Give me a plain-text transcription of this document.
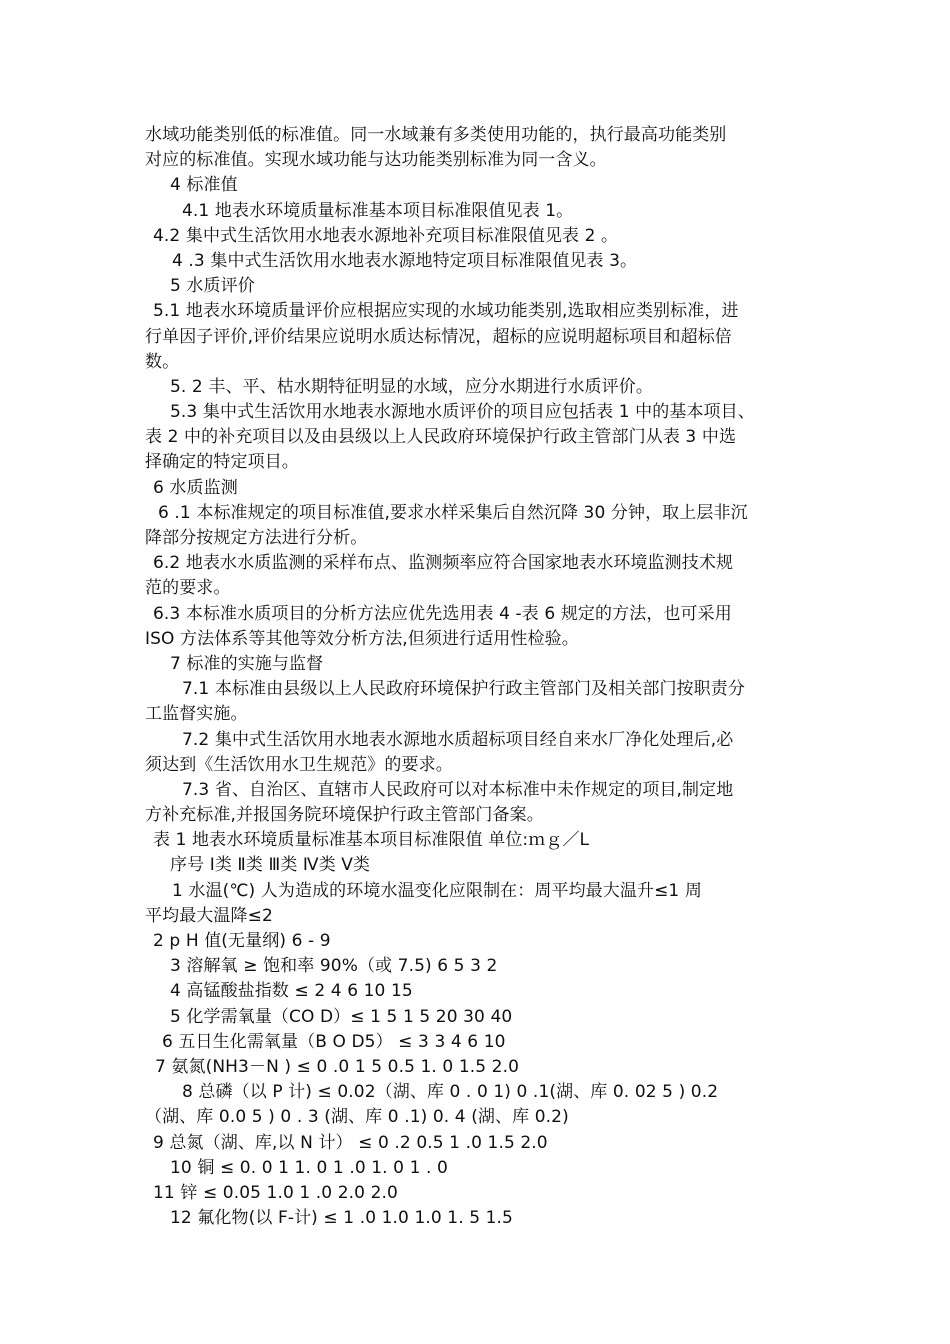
水域功能类别低的标准值。同一水域兼有多类使用功能的，执行最高功能类别
对应的标准值。实现水域功能与达功能类别标准为同一含义。
4 标准值
4.1 地表水环境质量标准基本项目标准限值见表 1。
4.2 集中式生活饮用水地表水源地补充项目标准限值见表 2 。
4 .3 集中式生活饮用水地表水源地特定项目标准限值见表 3。
5 水质评价
5.1 地表水环境质量评价应根据应实现的水域功能类别,选取相应类别标准，进
行单因子评价,评价结果应说明水质达标情况，超标的应说明超标项目和超标倍
数。
5. 2 丰、平、枯水期特征明显的水域，应分水期进行水质评价。
5.3 集中式生活饮用水地表水源地水质评价的项目应包括表 1 中的基本项目、
表 2 中的补充项目以及由县级以上人民政府环境保护行政主管部门从表 3 中选
择确定的特定项目。
6 水质监测
6 .1 本标准规定的项目标准值,要求水样采集后自然沉降 30 分钟，取上层非沉
降部分按规定方法进行分析。
6.2 地表水水质监测的采样布点、监测频率应符合国家地表水环境监测技术规
范的要求。
6.3 本标准水质项目的分析方法应优先选用表 4 -表 6 规定的方法，也可采用
ISO 方法体系等其他等效分析方法,但须进行适用性检验。
7 标准的实施与监督
7.1 本标准由县级以上人民政府环境保护行政主管部门及相关部门按职责分
工监督实施。
7.2 集中式生活饮用水地表水源地水质超标项目经自来水厂净化处理后,必
须达到《生活饮用水卫生规范》的要求。
7.3 省、自治区、直辖市人民政府可以对本标准中未作规定的项目,制定地
方补充标准,并报国务院环境保护行政主管部门备案。
表 1 地表水环境质量标准基本项目标准限值 单位:ｍｇ／L
序号 Ⅰ类 Ⅱ类 Ⅲ类 Ⅳ类 Ⅴ类
1 水温(℃) 人为造成的环境水温变化应限制在：周平均最大温升≤1 周
平均最大温降≤2
2 p H 值(无量纲) 6 - 9
3 溶解氧 ≥ 饱和率 90%（或 7.5) 6 5 3 2
4 高锰酸盐指数 ≤ 2 4 6 10 15
5 化学需氧量（CO D）≤ 1 5 1 5 20 30 40
6 五日生化需氧量（B O D5） ≤ 3 3 4 6 10
7 氨氮(NH3－N ) ≤ 0 .0 1 5 0.5 1. 0 1.5 2.0
8 总磷（以 P 计) ≤ 0.02（湖、库 0 . 0 1) 0 .1(湖、库 0. 02 5 ) 0.2
（湖、库 0.0 5 ) 0 . 3 (湖、库 0 .1) 0. 4 (湖、库 0.2)
9 总氮（湖、库,以 N 计） ≤ 0 .2 0.5 1 .0 1.5 2.0
10 铜 ≤ 0. 0 1 1. 0 1 .0 1. 0 1 . 0
11 锌 ≤ 0.05 1.0 1 .0 2.0 2.0
12 氟化物(以 F-计) ≤ 1 .0 1.0 1.0 1. 5 1.5
